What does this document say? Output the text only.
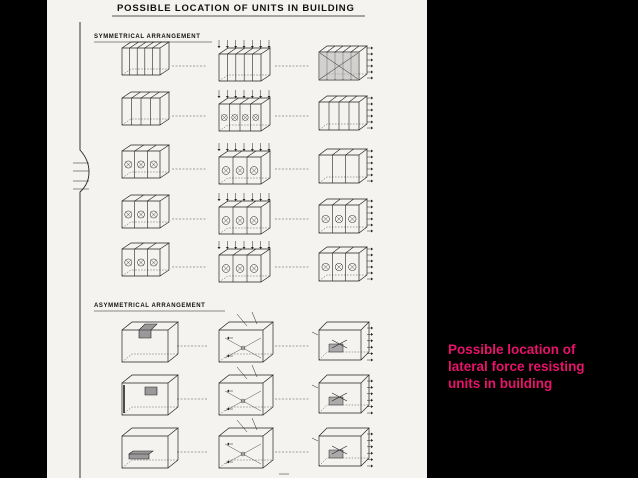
POSSIBLE LOCATION OF UNITS IN BUILDING
SYMMETRICAL ARRANGEMENT
ASYMMETRICAL ARRANGEMENT
Possible location of
lateral force resisting
units in building
